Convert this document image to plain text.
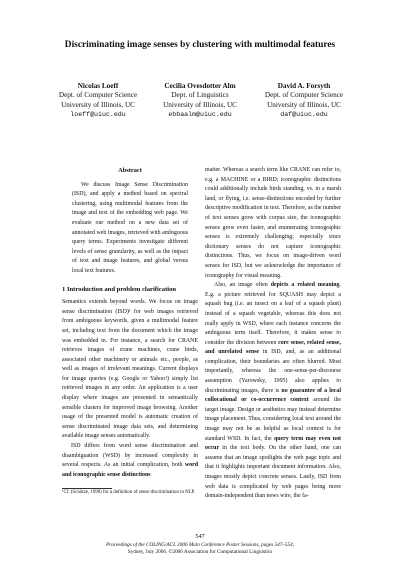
Discriminating image senses by clustering with multimodal features
Nicolas Loeff
Dept. of Computer Science
University of Illinois, UC
loeff@uiuc.edu
Cecilia Ovesdotter Alm
Dept. of Linguistics
University of Illinois, UC
ebbaalm@uiuc.edu
David A. Forsyth
Dept. of Computer Science
University of Illinois, UC
daf@uiuc.edu
Abstract

We discuss Image Sense Discrimination (ISD), and apply a method based on spectral clustering, using multimodal features from the image and text of the embedding web page. We evaluate our method on a new data set of annotated web images, retrieved with ambiguous query terms. Experiments investigate different levels of sense granularity, as well as the impact of text and image features, and global versus local text features.

1 Introduction and problem clarification

Semantics extends beyond words. We focus on image sense discrimination (ISD)¹ for web images retrieved from ambiguous keywords, given a multimodal feature set, including text from the document which the image was embedded in. For instance, a search for CRANE retrieves images of crane machines, crane birds, associated other machinery or animals etc., people, as well as images of irrelevant meanings. Current displays for image queries (e.g. Google or Yahoo!) simply list retrieved images in any order. An application is a user display where images are presented in semantically sensible clusters for improved image browsing. Another usage of the presented model is automatic creation of sense discriminated image data sets, and determining available image senses automatically.

ISD differs from word sense discrimination and disambiguation (WSD) by increased complexity in several respects. As an initial complication, both word and iconographic sense distinctions

¹Cf. (Schütze, 1998) for a definition of sense discrimination in NLP.

matter. Whereas a search term like CRANE can refer to, e.g. a MACHINE or a BIRD; iconographic distinctions could additionally include birds standing, vs. in a marsh land, or flying, i.e. sense-distinctions encoded by further descriptive modification in text. Therefore, as the number of text senses grow with corpus size, the iconographic senses grow even faster, and enumerating iconographic senses is extremely challenging; especially since dictionary senses do not capture iconographic distinctions. Thus, we focus on image-driven word senses for ISD, but we acknowledge the importance of iconography for visual meaning.

Also, an image often depicts a related meaning. E.g. a picture retrieved for SQUASH may depict a squash bug (i.e. an insect on a leaf of a squash plant) instead of a squash vegetable, whereas this does not really apply in WSD, where each instance concerns the ambiguous term itself. Therefore, it makes sense to consider the division between core sense, related sense, and unrelated sense in ISD, and, as an additional complication, their boundaries are often blurred. Most importantly, whereas the one-sense-per-discourse assumption (Yarowsky, 1995) also applies to discriminating images, there is no guarantee of a local collocational or co-occurrence context around the target image. Design or aesthetics may instead determine image placement. Thus, considering local text around the image may not be as helpful as local context is for standard WSD. In fact, the query term may even not occur in the text body. On the other hand, one can assume that an image spotlights the web page topic and that it highlights important document information. Also, images mostly depict concrete senses. Lastly, ISD from web data is complicated by web pages being more domain-independent than news wire, the fa-

547
Proceedings of the COLING/ACL 2006 Main Conference Poster Sessions, pages 547–554,
Sydney, July 2006. ©2006 Association for Computational Linguistics
